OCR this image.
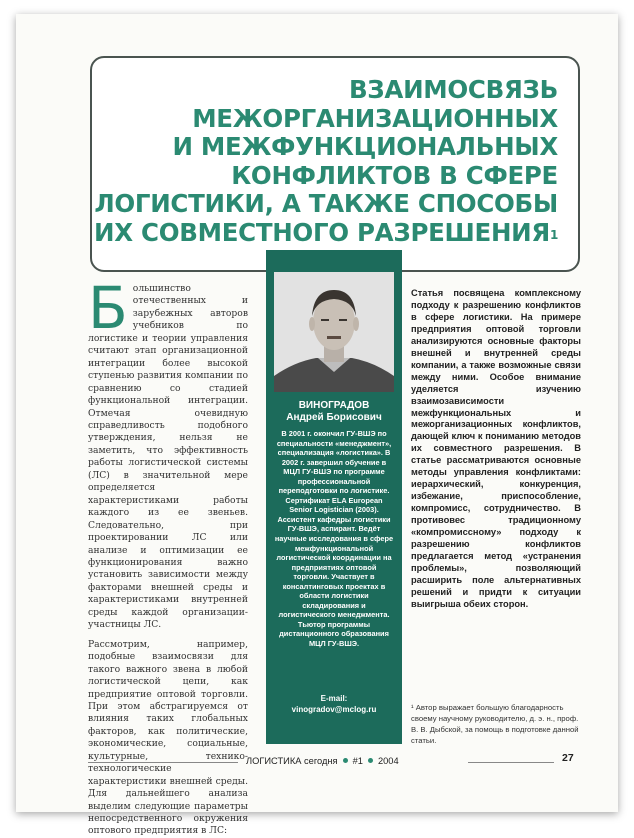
ВЗАИМОСВЯЗЬ
МЕЖОРГАНИЗАЦИОННЫХ
И МЕЖФУНКЦИОНАЛЬНЫХ
КОНФЛИКТОВ В СФЕРЕ
ЛОГИСТИКИ, А ТАКЖЕ СПОСОБЫ
ИХ СОВМЕСТНОГО РАЗРЕШЕНИЯ$^1$

Большинство отечественных и зарубежных авторов учебников по логистике и теории управления считают этап организационной интеграции более высокой ступенью развития компании по сравнению со стадией функциональной интеграции. Отмечая очевидную справедливость подобного утверждения, нельзя не заметить, что эффективность работы логистической системы (ЛС) в значительной мере определяется характеристиками работы каждого из ее звеньев. Следовательно, при проектировании ЛС или анализе и оптимизации ее функционирования важно установить зависимости между факторами внешней среды и характеристиками внутренней среды каждой организации-участницы ЛС.

Рассмотрим, например, подобные взаимосвязи для такого важного звена в любой логистической цепи, как предприятие оптовой торговли. При этом абстрагируемся от влияния таких глобальных факторов, как политические, экономические, социальные, культурные, технико-технологические характеристики внешней среды. Для дальнейшего анализа выделим следующие параметры непосредственного окружения оптового предприятия в ЛС:

ВИНОГРАДОВ
Андрей Борисович
В 2001 г. окончил ГУ-ВШЭ по специальности «менеджмент», специализация «логистика». В 2002 г. завершил обучение в МЦЛ ГУ-ВШЭ по программе профессиональной переподготовки по логистике. Сертификат ELA European Senior Logistician (2003). Ассистент кафедры логистики ГУ-ВШЭ, аспирант. Ведёт научные исследования в сфере межфункциональной логистической координации на предприятиях оптовой торговли. Участвует в консалтинговых проектах в области логистики складирования и логистического менеджмента. Тьютор программы дистанционного образования МЦЛ ГУ-ВШЭ.
E-mail:
vinogradov@mclog.ru
Статья посвящена комплексному подходу к разрешению конфликтов в сфере логистики. На примере предприятия оптовой торговли анализируются основные факторы внешней и внутренней среды компании, а также возможные связи между ними. Особое внимание уделяется изучению взаимозависимости межфункциональных и межорганизационных конфликтов, дающей ключ к пониманию методов их совместного разрешения. В статье рассматриваются основные методы управления конфликтами: иерархический, конкуренция, избежание, приспособление, компромисс, сотрудничество. В противовес традиционному «компромиссному» подходу к разрешению конфликтов предлагается метод «устранения проблемы», позволяющий расширить поле альтернативных решений и придти к ситуации выигрыша обеих сторон.
¹ Автор выражает большую благодарность своему научному руководителю, д. э. н., проф. В. В. Дыбской, за помощь в подготовке данной статьи.
ЛОГИСТИКА сегодня #1 2004	27
